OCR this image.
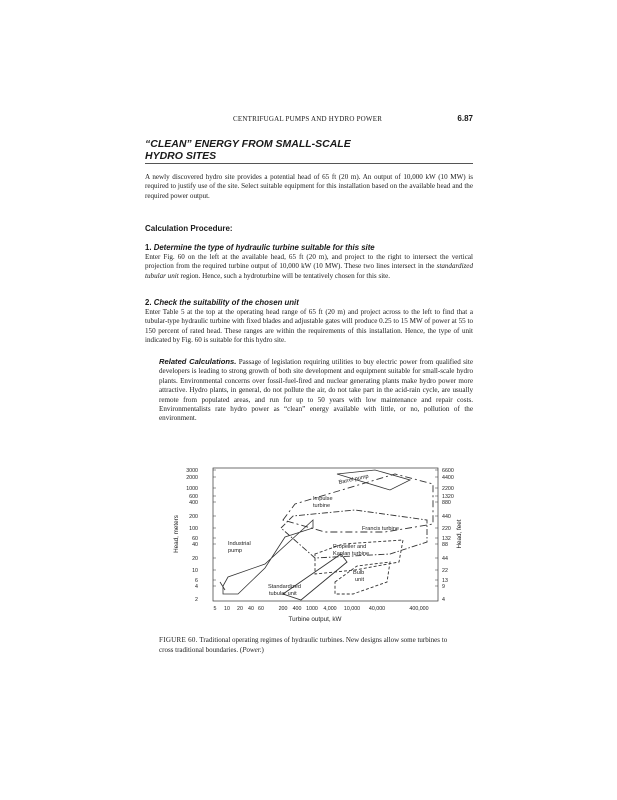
CENTRIFUGAL PUMPS AND HYDRO POWER	6.87
“CLEAN” ENERGY FROM SMALL-SCALE
HYDRO SITES

A newly discovered hydro site provides a potential head of 65 ft (20 m). An output of 10,000 kW (10 MW) is required to justify use of the site. Select suitable equipment for this installation based on the available head and the required power output.

Calculation Procedure:

1. Determine the type of hydraulic turbine suitable for this site

Enter Fig. 60 on the left at the available head, 65 ft (20 m), and project to the right to intersect the vertical projection from the required turbine output of 10,000 kW (10 MW). These two lines intersect in the standardized tubular unit region. Hence, such a hydroturbine will be tentatively chosen for this site.

2. Check the suitability of the chosen unit

Enter Table 5 at the top at the operating head range of 65 ft (20 m) and project across to the left to find that a tubular-type hydraulic turbine with fixed blades and adjustable gates will produce 0.25 to 15 MW of power at 55 to 150 percent of rated head. These ranges are within the requirements of this installation. Hence, the type of unit indicated by Fig. 60 is suitable for this hydro site.

Related Calculations. Passage of legislation requiring utilities to buy electric power from qualified site developers is leading to strong growth of both site development and equipment suitable for small-scale hydro plants. Environmental concerns over fossil-fuel-fired and nuclear generating plants make hydro power more attractive. Hydro plants, in general, do not pollute the air, do not take part in the acid-rain cycle, are usually remote from populated areas, and run for up to 50 years with low maintenance and repair costs. Environmentalists rate hydro power as “clean” energy available with little, or no, pollution of the environment.

3000
2000
1000
600
400
200
100
60
40
20
10
6
4
2
6600
4400
2200
1320
880
440
220
132
88
44
22
13
9
4
5 10 20 40 60	200 400 1000 4,000 10,000 40,000	400,000
Turbine output, kW
Head, meters	Head, feet
Barrel pump
Impulse
turbine
Francis turbine
Industrial
pump
Propeller and
Kaplan turbine
Bulb
unit
Standardized
tubular unit

FIGURE 60. Traditional operating regimes of hydraulic turbines. New designs allow some turbines to cross traditional boundaries. (Power.)
